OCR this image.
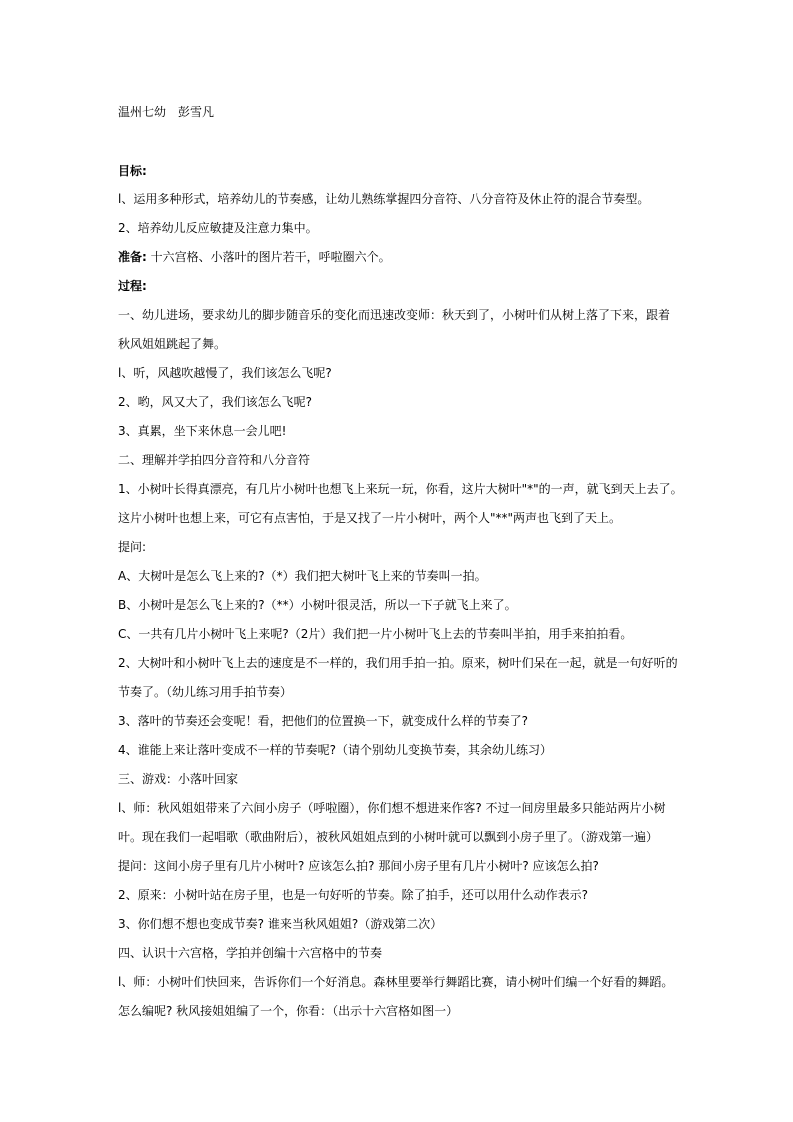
温州七幼　彭雪凡
目标:
l、运用多种形式，培养幼儿的节奏感，让幼儿熟练掌握四分音符、八分音符及休止符的混合节奏型。
2、培养幼儿反应敏捷及注意力集中。
准备: 十六宫格、小落叶的图片若干，呼啦圈六个。
过程:
一、幼儿进场，要求幼儿的脚步随音乐的变化而迅速改变师：秋天到了，小树叶们从树上落了下来，跟着
秋风姐姐跳起了舞。
l、听，风越吹越慢了，我们该怎么飞呢?
2、哟，风又大了，我们该怎么飞呢?
3、真累，坐下来休息一会儿吧!
二、理解并学拍四分音符和八分音符
1、小树叶长得真漂亮，有几片小树叶也想飞上来玩一玩，你看，这片大树叶"*"的一声，就飞到天上去了。
这片小树叶也想上来，可它有点害怕，于是又找了一片小树叶，两个人"**"两声也飞到了天上。
提问:
A、大树叶是怎么飞上来的?（*）我们把大树叶飞上来的节奏叫一拍。
B、小树叶是怎么飞上来的?（**）小树叶很灵活，所以一下子就飞上来了。
C、一共有几片小树叶飞上来呢?（2片）我们把一片小树叶飞上去的节奏叫半拍，用手来拍拍看。
2、大树叶和小树叶飞上去的速度是不一样的，我们用手拍一拍。原来，树叶们呆在一起，就是一句好听的
节奏了。（幼儿练习用手拍节奏）
3、落叶的节奏还会变呢！看，把他们的位置换一下，就变成什么样的节奏了?
4、谁能上来让落叶变成不一样的节奏呢?（请个别幼儿变换节奏，其余幼儿练习）
三、游戏：小落叶回家
l、师：秋风姐姐带来了六间小房子（呼啦圈），你们想不想进来作客? 不过一间房里最多只能站两片小树
叶。现在我们一起唱歌（歌曲附后），被秋风姐姐点到的小树叶就可以飘到小房子里了。（游戏第一遍）
提问：这间小房子里有几片小树叶? 应该怎么拍? 那间小房子里有几片小树叶? 应该怎么拍?
2、原来：小树叶站在房子里，也是一句好听的节奏。除了拍手，还可以用什么动作表示?
3、你们想不想也变成节奏? 谁来当秋风姐姐?（游戏第二次）
四、认识十六宫格，学拍并创编十六宫格中的节奏
l、师：小树叶们快回来，告诉你们一个好消息。森林里要举行舞蹈比赛，请小树叶们编一个好看的舞蹈。
怎么编呢? 秋风接姐姐编了一个，你看：（出示十六宫格如图一）
